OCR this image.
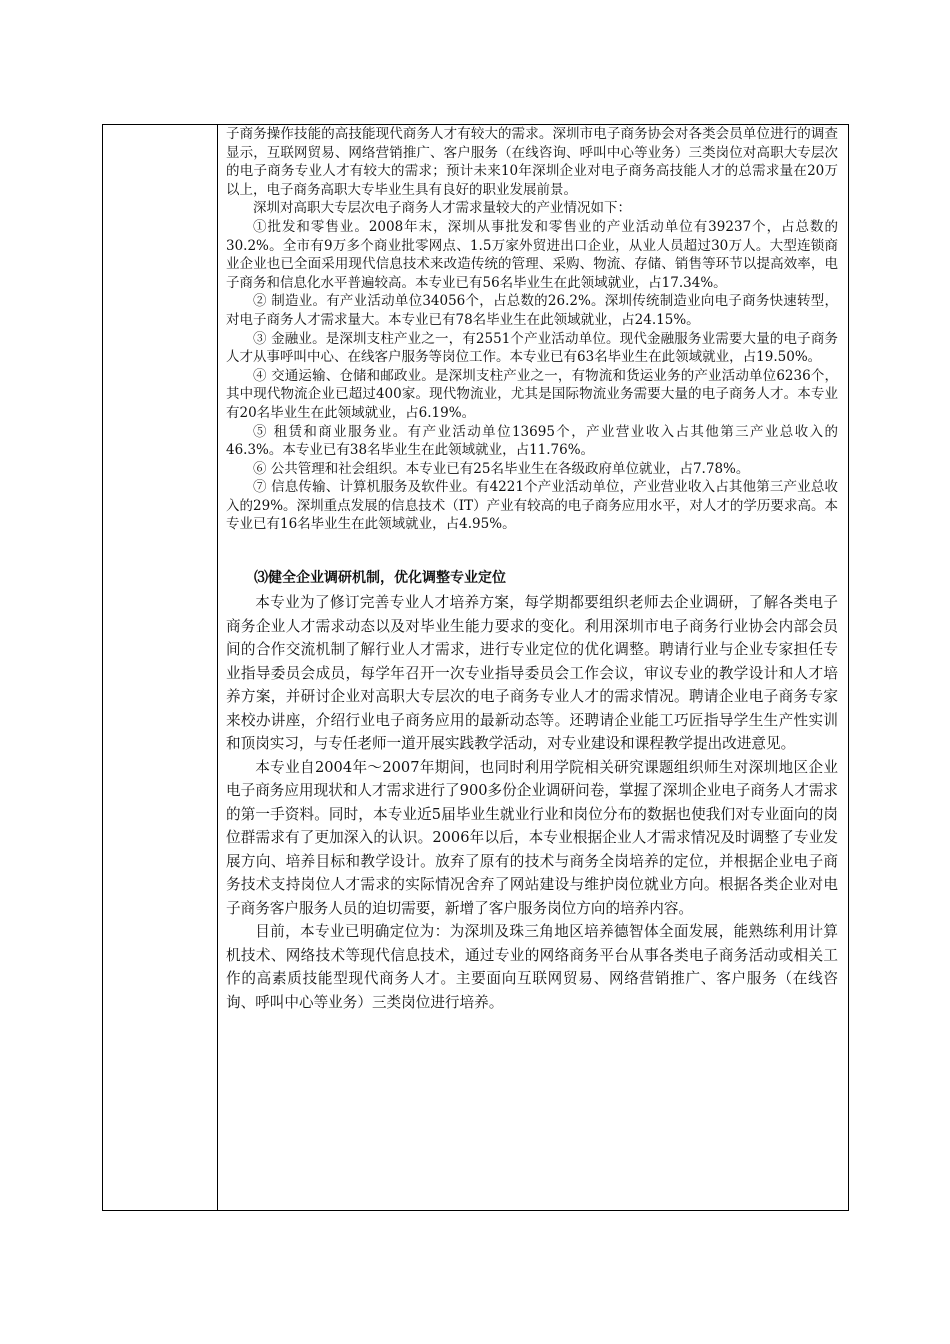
子商务操作技能的高技能现代商务人才有较大的需求。深圳市电子商务协会对各类会员单位进行的调查显示，互联网贸易、网络营销推广、客户服务（在线咨询、呼叫中心等业务）三类岗位对高职大专层次的电子商务专业人才有较大的需求；预计未来10年深圳企业对电子商务高技能人才的总需求量在20万以上，电子商务高职大专毕业生具有良好的职业发展前景。

深圳对高职大专层次电子商务人才需求量较大的产业情况如下：

①批发和零售业。2008年末，深圳从事批发和零售业的产业活动单位有39237个，占总数的30.2%。全市有9万多个商业批零网点、1.5万家外贸进出口企业，从业人员超过30万人。大型连锁商业企业也已全面采用现代信息技术来改造传统的管理、采购、物流、存储、销售等环节以提高效率，电子商务和信息化水平普遍较高。本专业已有56名毕业生在此领域就业，占17.34%。

② 制造业。有产业活动单位34056个，占总数的26.2%。深圳传统制造业向电子商务快速转型，对电子商务人才需求量大。本专业已有78名毕业生在此领域就业，占24.15%。

③ 金融业。是深圳支柱产业之一，有2551个产业活动单位。现代金融服务业需要大量的电子商务人才从事呼叫中心、在线客户服务等岗位工作。本专业已有63名毕业生在此领域就业，占19.50%。

④ 交通运输、仓储和邮政业。是深圳支柱产业之一，有物流和货运业务的产业活动单位6236个，其中现代物流企业已超过400家。现代物流业，尤其是国际物流业务需要大量的电子商务人才。本专业有20名毕业生在此领域就业，占6.19%。

⑤ 租赁和商业服务业。有产业活动单位13695个，产业营业收入占其他第三产业总收入的46.3%。本专业已有38名毕业生在此领域就业，占11.76%。

⑥ 公共管理和社会组织。本专业已有25名毕业生在各级政府单位就业，占7.78%。

⑦ 信息传输、计算机服务及软件业。有4221个产业活动单位，产业营业收入占其他第三产业总收入的29%。深圳重点发展的信息技术（IT）产业有较高的电子商务应用水平，对人才的学历要求高。本专业已有16名毕业生在此领域就业，占4.95%。

⑶健全企业调研机制，优化调整专业定位

本专业为了修订完善专业人才培养方案，每学期都要组织老师去企业调研，了解各类电子商务企业人才需求动态以及对毕业生能力要求的变化。利用深圳市电子商务行业协会内部会员间的合作交流机制了解行业人才需求，进行专业定位的优化调整。聘请行业与企业专家担任专业指导委员会成员，每学年召开一次专业指导委员会工作会议，审议专业的教学设计和人才培养方案，并研讨企业对高职大专层次的电子商务专业人才的需求情况。聘请企业电子商务专家来校办讲座，介绍行业电子商务应用的最新动态等。还聘请企业能工巧匠指导学生生产性实训和顶岗实习，与专任老师一道开展实践教学活动，对专业建设和课程教学提出改进意见。

本专业自2004年～2007年期间，也同时利用学院相关研究课题组织师生对深圳地区企业电子商务应用现状和人才需求进行了900多份企业调研问卷，掌握了深圳企业电子商务人才需求的第一手资料。同时，本专业近5届毕业生就业行业和岗位分布的数据也使我们对专业面向的岗位群需求有了更加深入的认识。2006年以后，本专业根据企业人才需求情况及时调整了专业发展方向、培养目标和教学设计。放弃了原有的技术与商务全岗培养的定位，并根据企业电子商务技术支持岗位人才需求的实际情况舍弃了网站建设与维护岗位就业方向。根据各类企业对电子商务客户服务人员的迫切需要，新增了客户服务岗位方向的培养内容。

目前，本专业已明确定位为：为深圳及珠三角地区培养德智体全面发展，能熟练利用计算机技术、网络技术等现代信息技术，通过专业的网络商务平台从事各类电子商务活动或相关工作的高素质技能型现代商务人才。主要面向互联网贸易、网络营销推广、客户服务（在线咨询、呼叫中心等业务）三类岗位进行培养。
